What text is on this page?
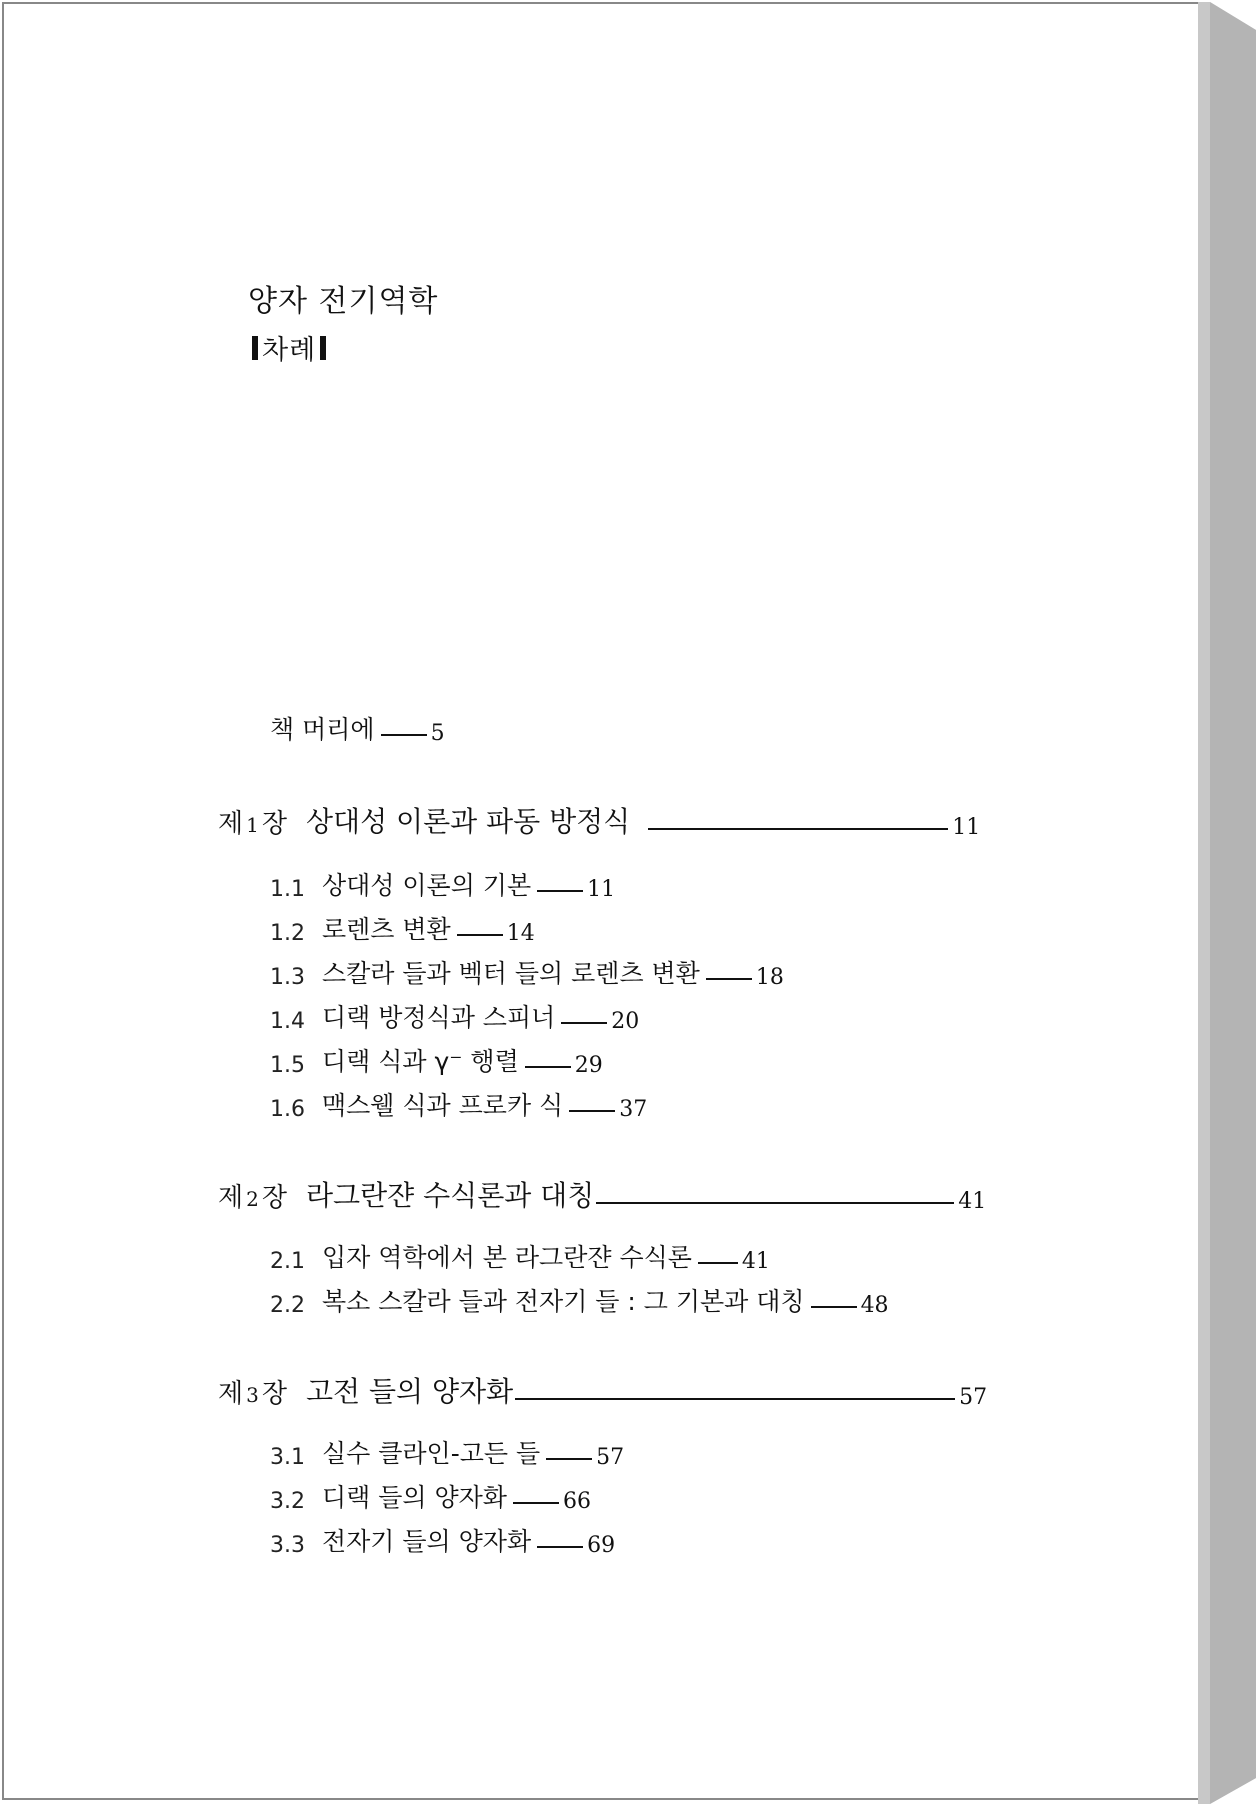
양자 전기역학
차례
책 머리에	5
제 1 장 상대성 이론과 파동 방정식	11
1.1 상대성 이론의 기본	11
1.2 로렌츠 변환	14
1.3 스칼라 들과 벡터 들의 로렌츠 변환	18
1.4 디랙 방정식과 스피너	20
1.5 디랙 식과 γ⁻ 행렬	29
1.6 맥스웰 식과 프로카 식	37
제 2 장 라그란쟌 수식론과 대칭	41
2.1 입자 역학에서 본 라그란쟌 수식론 41
2.2 복소 스칼라 들과 전자기 들 : 그 기본과 대칭	48
제 3 장 고전 들의 양자화	57
3.1 실수 클라인-고든 들	57
3.2 디랙 들의 양자화	66
3.3 전자기 들의 양자화	69
